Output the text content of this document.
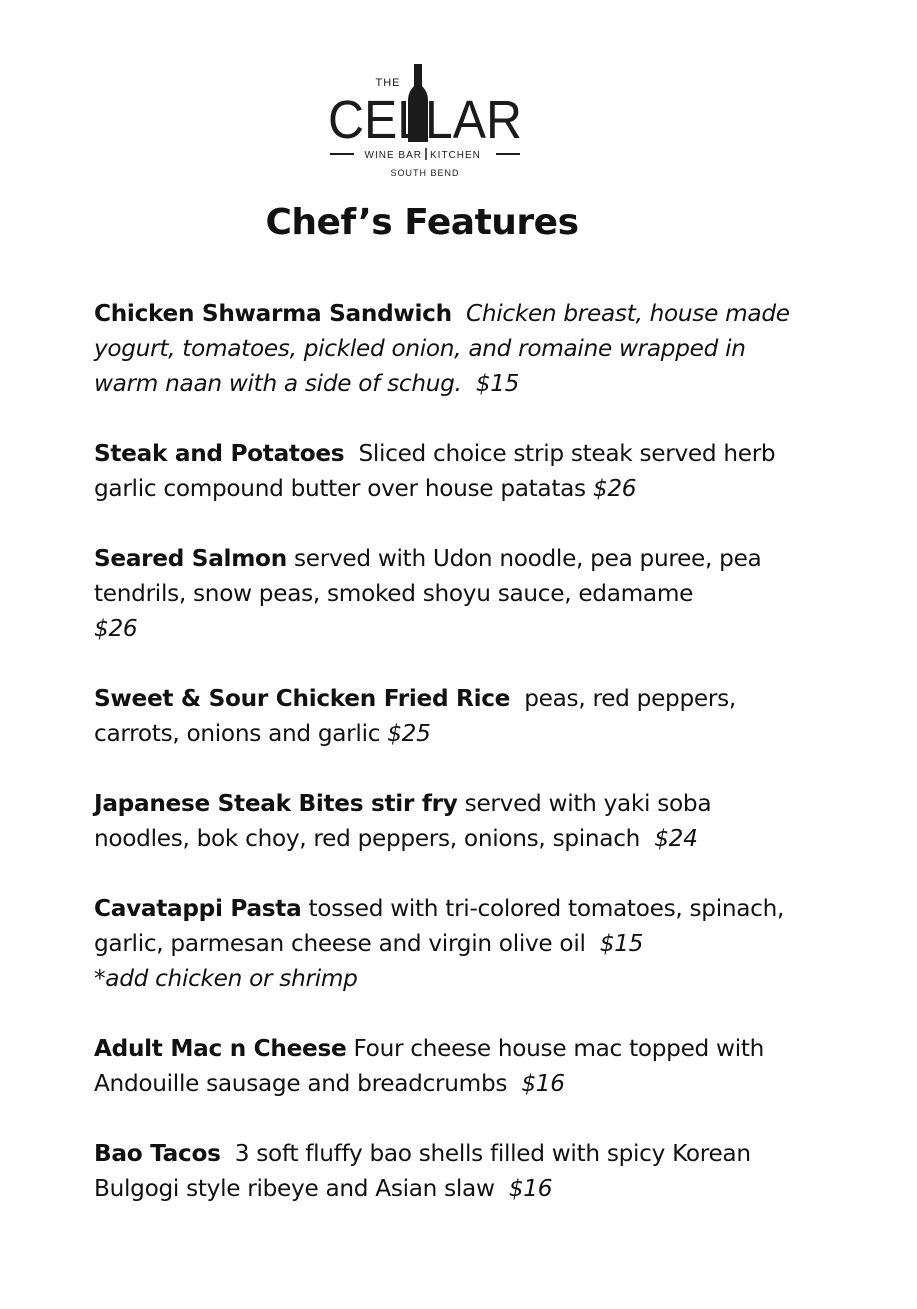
THE
CELLAR
WINE BAR KITCHEN
SOUTH BEND
Chef’s Features
Chicken Shwarma Sandwich Chicken breast, house made yogurt, tomatoes, pickled onion, and romaine wrapped in warm naan with a side of schug. $15
Steak and Potatoes Sliced choice strip steak served herb garlic compound butter over house patatas $26
Seared Salmon served with Udon noodle, pea puree, pea tendrils, snow peas, smoked shoyu sauce, edamame
$26
Sweet & Sour Chicken Fried Rice peas, red peppers, carrots, onions and garlic $25
Japanese Steak Bites stir fry served with yaki soba noodles, bok choy, red peppers, onions, spinach $24
Cavatappi Pasta tossed with tri-colored tomatoes, spinach, garlic, parmesan cheese and virgin olive oil $15
*add chicken or shrimp
Adult Mac n Cheese Four cheese house mac topped with Andouille sausage and breadcrumbs $16
Bao Tacos 3 soft fluffy bao shells filled with spicy Korean Bulgogi style ribeye and Asian slaw $16
